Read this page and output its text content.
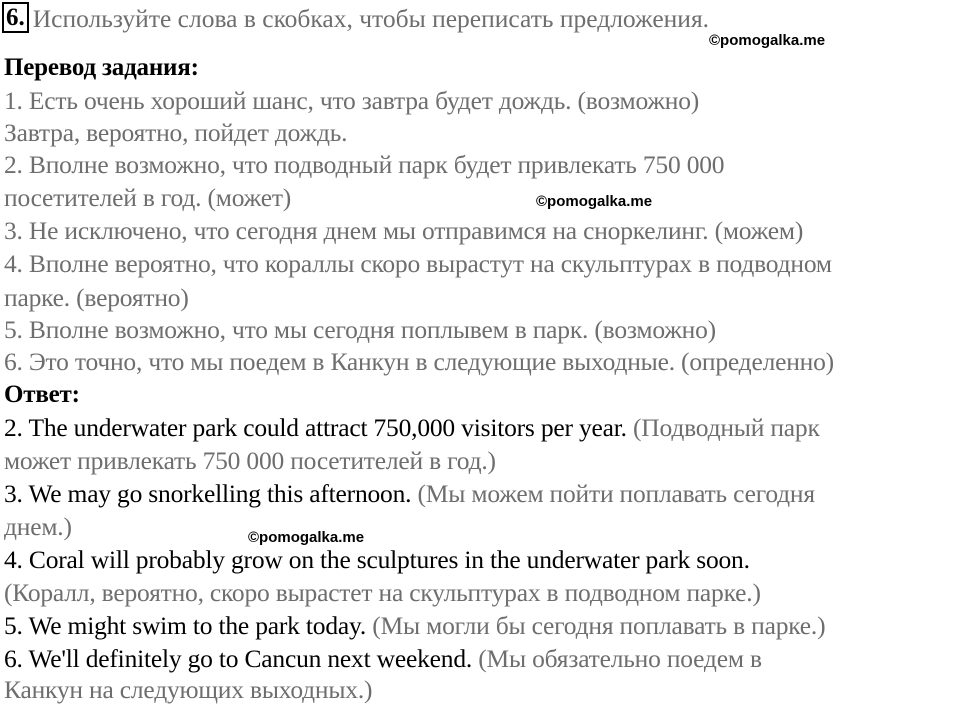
6. Используйте слова в скобках, чтобы переписать предложения.
©pomogalka.me
©pomogalka.me
©pomogalka.me
Перевод задания:
1. Есть очень хороший шанс, что завтра будет дождь. (возможно)
Завтра, вероятно, пойдет дождь.
2. Вполне возможно, что подводный парк будет привлекать 750 000
посетителей в год. (может)
3. Не исключено, что сегодня днем мы отправимся на сноркелинг. (можем)
4. Вполне вероятно, что кораллы скоро вырастут на скульптурах в подводном
парке. (вероятно)
5. Вполне возможно, что мы сегодня поплывем в парк. (возможно)
6. Это точно, что мы поедем в Канкун в следующие выходные. (определенно)
Ответ:
2. The underwater park could attract 750,000 visitors per year. (Подводный парк
может привлекать 750 000 посетителей в год.)
3. We may go snorkelling this afternoon. (Мы можем пойти поплавать сегодня
днем.)
4. Coral will probably grow on the sculptures in the underwater park soon.
(Коралл, вероятно, скоро вырастет на скульптурах в подводном парке.)
5. We might swim to the park today. (Мы могли бы сегодня поплавать в парке.)
6. We'll definitely go to Cancun next weekend. (Мы обязательно поедем в
Канкун на следующих выходных.)
